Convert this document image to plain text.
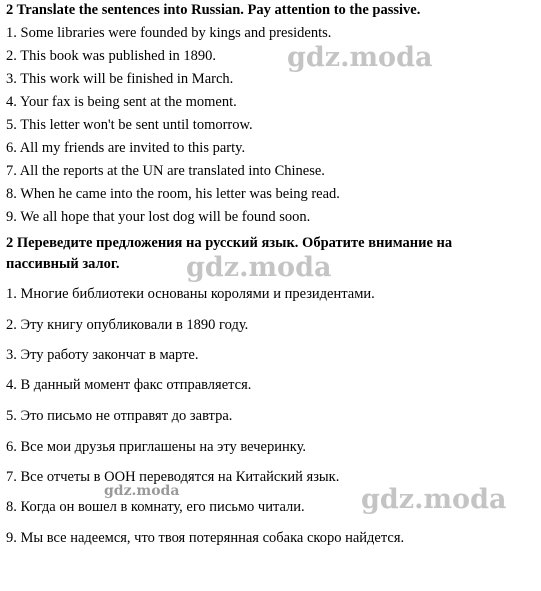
2 Translate the sentences into Russian. Pay attention to the passive.
1. Some libraries were founded by kings and presidents.
2. This book was published in 1890.
3. This work will be finished in March.
4. Your fax is being sent at the moment.
5. This letter won't be sent until tomorrow.
6. All my friends are invited to this party.
7. All the reports at the UN are translated into Chinese.
8. When he came into the room, his letter was being read.
9. We all hope that your lost dog will be found soon.
2 Переведите предложения на русский язык. Обратите внимание на
пассивный залог.
1. Многие библиотеки основаны королями и президентами.
2. Эту книгу опубликовали в 1890 году.
3. Эту работу закончат в марте.
4. В данный момент факс отправляется.
5. Это письмо не отправят до завтра.
6. Все мои друзья приглашены на эту вечеринку.
7. Все отчеты в ООН переводятся на Китайский язык.
8. Когда он вошел в комнату, его письмо читали.
9. Мы все надеемся, что твоя потерянная собака скоро найдется.
gdz.moda
gdz.moda
gdz.moda	gdz.moda
